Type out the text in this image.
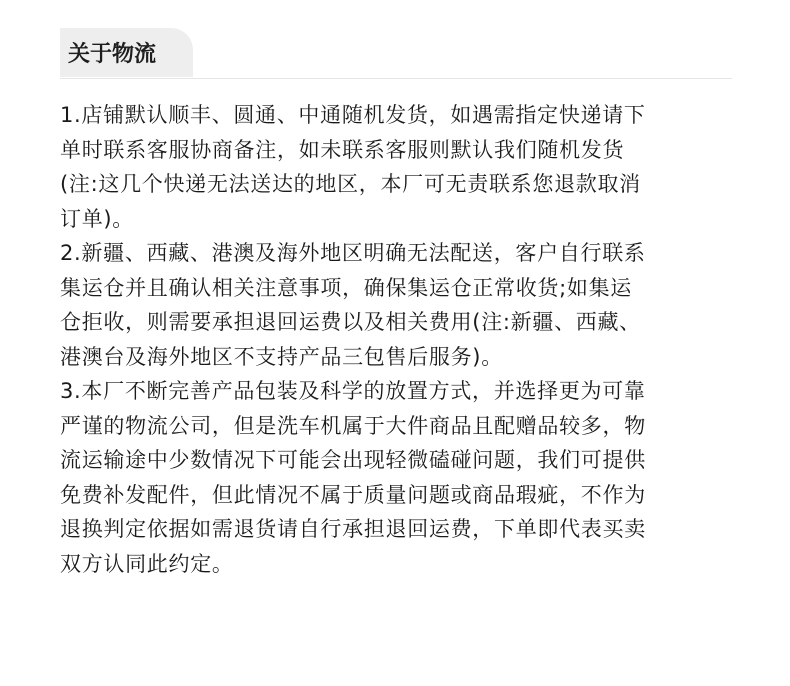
关于物流
1.店铺默认顺丰、圆通、中通随机发货，如遇需指定快递请下
单时联系客服协商备注，如未联系客服则默认我们随机发货
(注:这几个快递无法送达的地区，本厂可无责联系您退款取消
订单)。
2.新疆、西藏、港澳及海外地区明确无法配送，客户自行联系
集运仓并且确认相关注意事项，确保集运仓正常收货;如集运
仓拒收，则需要承担退回运费以及相关费用(注:新疆、西藏、
港澳台及海外地区不支持产品三包售后服务)。
3.本厂不断完善产品包装及科学的放置方式，并选择更为可靠
严谨的物流公司，但是洗车机属于大件商品且配赠品较多，物
流运输途中少数情况下可能会出现轻微磕碰问题，我们可提供
免费补发配件，但此情况不属于质量问题或商品瑕疵，不作为
退换判定依据如需退货请自行承担退回运费，下单即代表买卖
双方认同此约定。
